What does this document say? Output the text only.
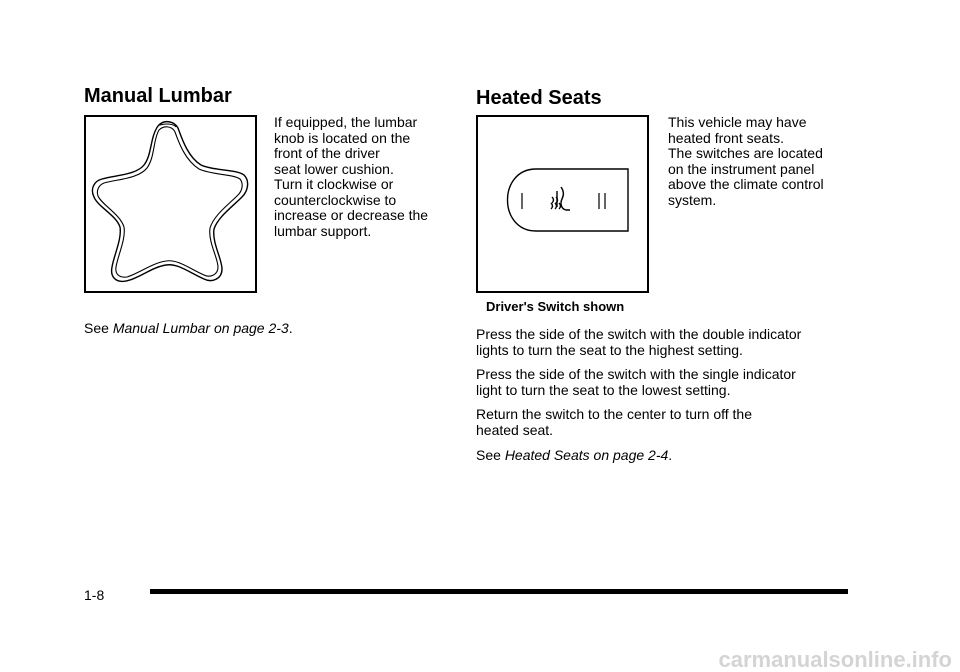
Manual Lumbar
If equipped, the lumbar
knob is located on the
front of the driver
seat lower cushion.
Turn it clockwise or
counterclockwise to
increase or decrease the
lumbar support.
See Manual Lumbar on page 2-3.
Heated Seats
Driver's Switch shown
This vehicle may have
heated front seats.
The switches are located
on the instrument panel
above the climate control
system.
Press the side of the switch with the double indicator
lights to turn the seat to the highest setting.
Press the side of the switch with the single indicator
light to turn the seat to the lowest setting.
Return the switch to the center to turn off the
heated seat.
See Heated Seats on page 2-4.
1-8
carmanualsonline.info
